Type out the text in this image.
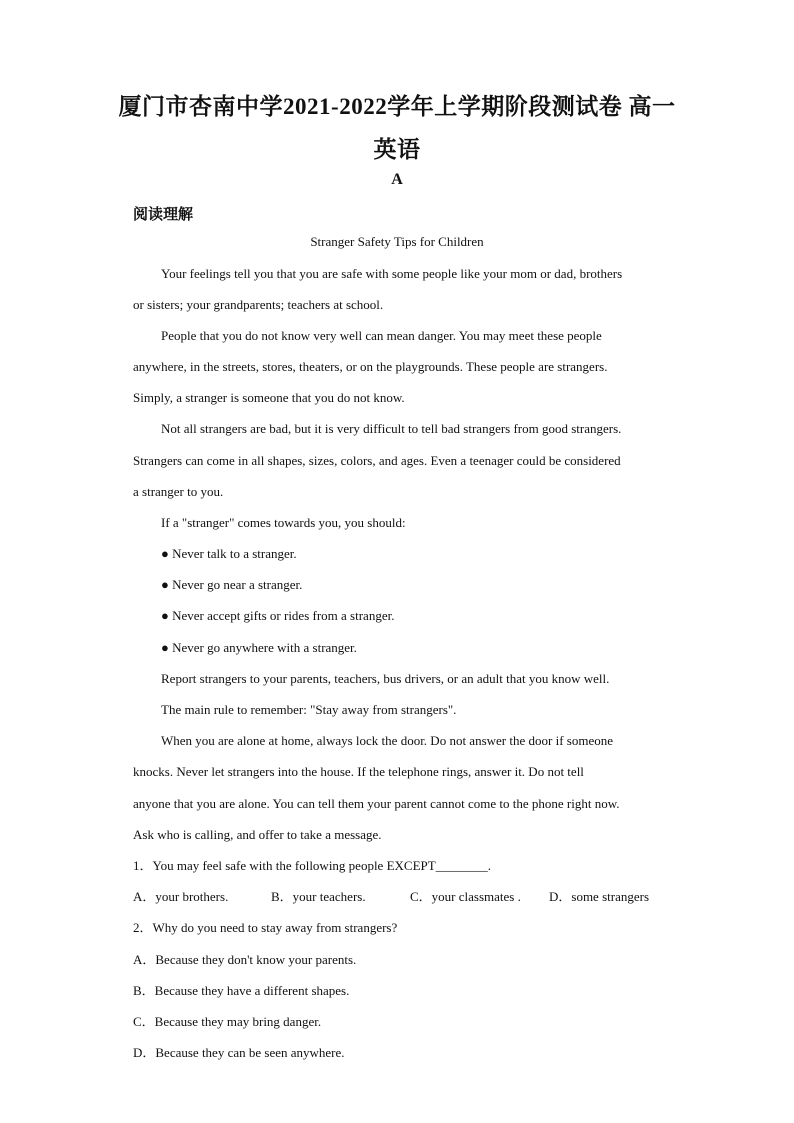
厦门市杏南中学2021-2022学年上学期阶段测试卷 高一
英语
A
阅读理解
Stranger Safety Tips for Children
Your feelings tell you that you are safe with some people like your mom or dad, brothers
or sisters; your grandparents; teachers at school.
People that you do not know very well can mean danger. You may meet these people
anywhere, in the streets, stores, theaters, or on the playgrounds. These people are strangers.
Simply, a stranger is someone that you do not know.
Not all strangers are bad, but it is very difficult to tell bad strangers from good strangers.
Strangers can come in all shapes, sizes, colors, and ages. Even a teenager could be considered
a stranger to you.
If a "stranger" comes towards you, you should:
● Never talk to a stranger.
● Never go near a stranger.
● Never accept gifts or rides from a stranger.
● Never go anywhere with a stranger.
Report strangers to your parents, teachers, bus drivers, or an adult that you know well.
The main rule to remember: "Stay away from strangers".
When you are alone at home, always lock the door. Do not answer the door if someone
knocks. Never let strangers into the house. If the telephone rings, answer it. Do not tell
anyone that you are alone. You can tell them your parent cannot come to the phone right now.
Ask who is calling, and offer to take a message.
1．You may feel safe with the following people EXCEPT________.
A．your brothers.	B．your teachers.	C．your classmates . D．some strangers
2．Why do you need to stay away from strangers?
A．Because they don't know your parents.
B．Because they have a different shapes.
C．Because they may bring danger.
D．Because they can be seen anywhere.
